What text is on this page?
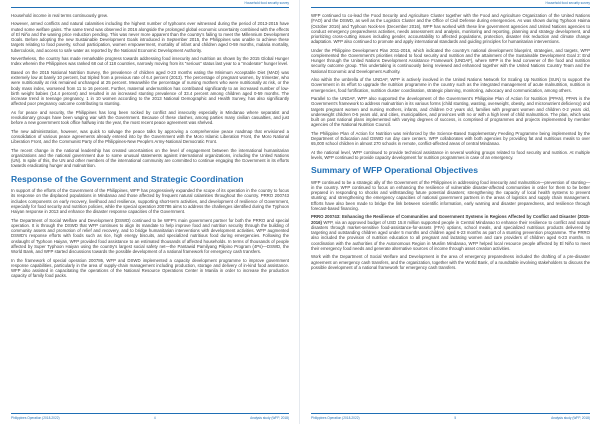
Household food security survey

Household income in real terms continuously grew.

However, armed conflicts and natural calamities including the highest number of typhoons ever witnessed during the period of 2013-2015 have muted some welfare gains. The same trend was observed in 2016 alongside the prolonged global economic uncertainty combined with the effects of El Niño and the waning price reduction pending. This was never more apparent than the country's failing to meet the Millennium Development Goals. Before adopting the new Sustainable Development Goals introduced in September 2015, the Philippines was unable to achieve these targets relating to food poverty, school participation, women empowerment, mortality of infant and children aged 0-59 months, malaria mortality, tuberculosis, and access to safe water as reported by the National Economic Development Authority.

Nevertheless, the country has made remarkable progress towards addressing food insecurity and nutrition as shown by the 2015 Global Hunger Index wherein the Philippines was ranked 68 out of 118 countries, narrowly moving from its "serious" status last year to a "moderate" hunger level.

Based on the 2015 National Nutrition Survey, the prevalence of children aged 0-23 months eating the Minimum Acceptable Diet (MAD) was extremely low at barely 10 percent, but tripled from a previous rate of 6.4 percent (2013). The percentage of pregnant women, by trimester, who were nutritionally at risk remained unchanged at 25 percent. Meanwhile the percentage of nursing mothers who were nutritionally at risk, or the body mass index, worsened from 11 to 16 percent. Further, maternal undernutrition has contributed significantly to an increased number of low-birth weight babies (14.4 percent) and resulted in an increased stunting prevalence of 33.4 percent among children aged 0-59 months. The increase trend in teenage pregnancy, 1 in 10 women according to the 2013 National Demographic and Health Survey, has also significantly affected poor pregnancy outcome contributing to stunting.

As for peace and security, the Philippines has long been rocked by conflict and insecurity especially in Mindanao where separatist and revolutionary groups have been waging war with the Government. Because of these clashes, among parties many civilian casualties, and just before a new government took office halfway into the year, the most recent peace agreement was shelved.

The new administration, however, was quick to salvage the peace talks by approving a comprehensive peace roadmap that envisioned a consolidation of various peace agreements already entered into by the Government with the Moro Islamic Liberation Front, the Moro National Liberation Front, and the Communist Party of the Philippines-New People's Army-National Democratic Front.

The recent change in the national leadership has created uncertainties on the level of engagement between the international humanitarian organizations and the national government due to some unusual statements against international organizations, including the United Nations (UN). In spite of this, the UN and other members of the international community are committed to continue engaging the Government in its efforts towards eradicating hunger and malnutrition.

Response of the Government and Strategic Coordination

In support of the efforts of the Government of the Philippines, WFP has progressively expanded the scope of its operation in the country to focus its response on the displaced populations in Mindanao and those affected by frequent natural calamities throughout the country. PRRO 200743 includes components on early recovery, livelihood and resilience, supporting short-term activities, and development of resilience of Government, especially for food security and nutrition policies, while the special operation 200786 aims to address the challenges identified during the Typhoon Haiyan response in 2013 and enhance the disaster response capacities of the Government.

The Department of Social Welfare and Development (DSWD) continued to be WFP's main government partner for both the PRRO and special operation. It is through the DSWD that WFP continues to align its mandate to help improve food and nutrition security through the building of community assets and promotion of relief and recovery, and to bridge humanitarian interventions with development activities. WFP augmented DSWD's response efforts with foods such as rice, high energy biscuits, and specialized nutritious food during emergencies. Following the onslaught of Typhoon Haiyan, WFP provided food assistance to an estimated thousands of affected households. In terms of thousands of people affected by Super Typhoon Haiyan using the country's largest social safety net—the Pantawid Pamilyang Pilipino Program (4Ps)—DSWD, the World Bank, and WFP started discussions towards the possible development of a national framework for emergency cash transfers.

In the framework of special operation 200786, WFP and DSWD implemented a capacity development programme to improve government response capabilities, particularly in the area of supply-chain management including production, storage and delivery of in-kind food assistance. WFP also assisted in capacitating the operations of the National Resource Operations Center in Manila in order to increase the production capacity of family food packs.

Philippines Operation (2018-2022)	4	Analysis study (WFP, 2018)
Household food security survey

WFP continued to co-lead the Food Security and Agriculture Cluster together with the Food and Agriculture Organization of the United Nations (FAO) and the DSWD, as well as the Logistics Cluster and the Office of Civil Defense during emergencies. As was shown during Typhoon Haima (October 2016) and Typhoon Nock-ten (December 2016), WFP has worked with these line government agencies and United Nations agencies to conduct emergency preparedness activities, needs assessment and analysis, monitoring and reporting, planning and strategy development, and prioritizing cross-cutting issues including gender, accountability to affected populations, protection, disaster risk reduction and climate change adaptation. WFP also continued to promote and apply international standards and guiding principles for humanitarian interventions.

Under the Philippine Development Plan 2011-2016, which indicated the country's national development blueprint, strategies, and targets, WFP complemented the Government's priorities related to food security and nutrition and the attainment of the Sustainable Development Goal 2: End Hunger through the United Nations Development Assistance Framework (UNDAF), where WFP is the lead convener of the food and nutrition security outcome group. This undertaking is continuously being reviewed and enhanced together with the United Nations Country Team and the National Economic and Development Authority.

Also within the umbrella of the UNDAF, WFP is actively involved in the United Nations Network for Scaling Up Nutrition (SUN) to support the Government in its effort to upgrade the nutrition programme in the country such as the integrated management of acute malnutrition, nutrition in emergencies, food fortification, nutrition cluster coordination, strategic planning, monitoring, advocacy and communication, among others.

Parallel to the UNDAF, WFP also supported the development of the Government's Philippine Plan of Action for Nutrition (PPAN). PPAN is the Government's framework to address malnutrition in its various forms (child stunting, wasting, overweight, obesity, and micronutrient deficiency) and targets pregnant women and nursing mothers, infants, and children 0-2 years old, families with pregnant women and children 0-2 years old, underweight children 0-5 years old, and cities, municipalities, and provinces with no or with a high level of child malnutrition. The plan, which was built on past national plans implemented with varying degrees of success, is comprised of programmes and projects implemented by member agencies of the National Nutrition Council.

The Philippine Plan of Action for Nutrition was reinforced by the Science-Based Supplementary Feeding Programme being implemented by the Department of Education and DSWD run day care centers. WFP collaborates with both agencies by providing fat and nutritious meals to over 65,000 school children in almost 270 schools in remote, conflict-affected areas of central Mindanao.

At the national level, WFP continued to provide technical assistance in several working groups related to food security and nutrition. At multiple levels, WFP continued to provide capacity development for nutrition programmes in case of an emergency.

Summary of WFP Operational Objectives

WFP continued to be a strategic ally of the Government of the Philippines in addressing food insecurity and malnutrition—prevention of stunting—in the country. WFP continued to focus on enhancing the resilience of vulnerable disaster-affected communities in order for them to be better prepared in responding to shocks and withstanding future potential disasters; strengthening the capacity of local health systems to prevent stunting; and strengthening the emergency capacities of national government partners in the areas of logistics and supply chain management. Efforts have also been made to bridge the link between scientific information, early warning and disaster preparedness, and resilience through forecast-based financing.

PRRO 200743: Enhancing the Resilience of Communities and Government Systems in Regions Affected by Conflict and Disaster (2015-2016) WFP, via an approved budget of USD 15.8 million supported people in Central Mindanao to enhance their resilience to conflict and natural disasters through market-sensitive food-assistance-for-assets (FFA) options, school meals, and specialized nutritious products delivered by targeting and outstanding children aged under 5 months and children aged 6-23 months as part of a stunting prevention programme. The PRRO also included the provision of nutrition education to all pregnant and lactating women and care providers of children aged 6-23 months. In coordination with the authorities of the Autonomous Region in Muslim Mindanao, WFP helped local resource people affected by El Niño to meet their emergency food needs and generate alternative sources of income through asset creation activities.

Work with the Department of Social Welfare and Development in the area of emergency preparedness included the drafting of a pre-disaster agreement on emergency cash transfers, and the organization, together with the World Bank, of a roundtable involving stakeholders to discuss the possible development of a national framework for emergency cash transfers.

Philippines Operation (2018-2022)	5	Analysis study (WFP, 2018)
